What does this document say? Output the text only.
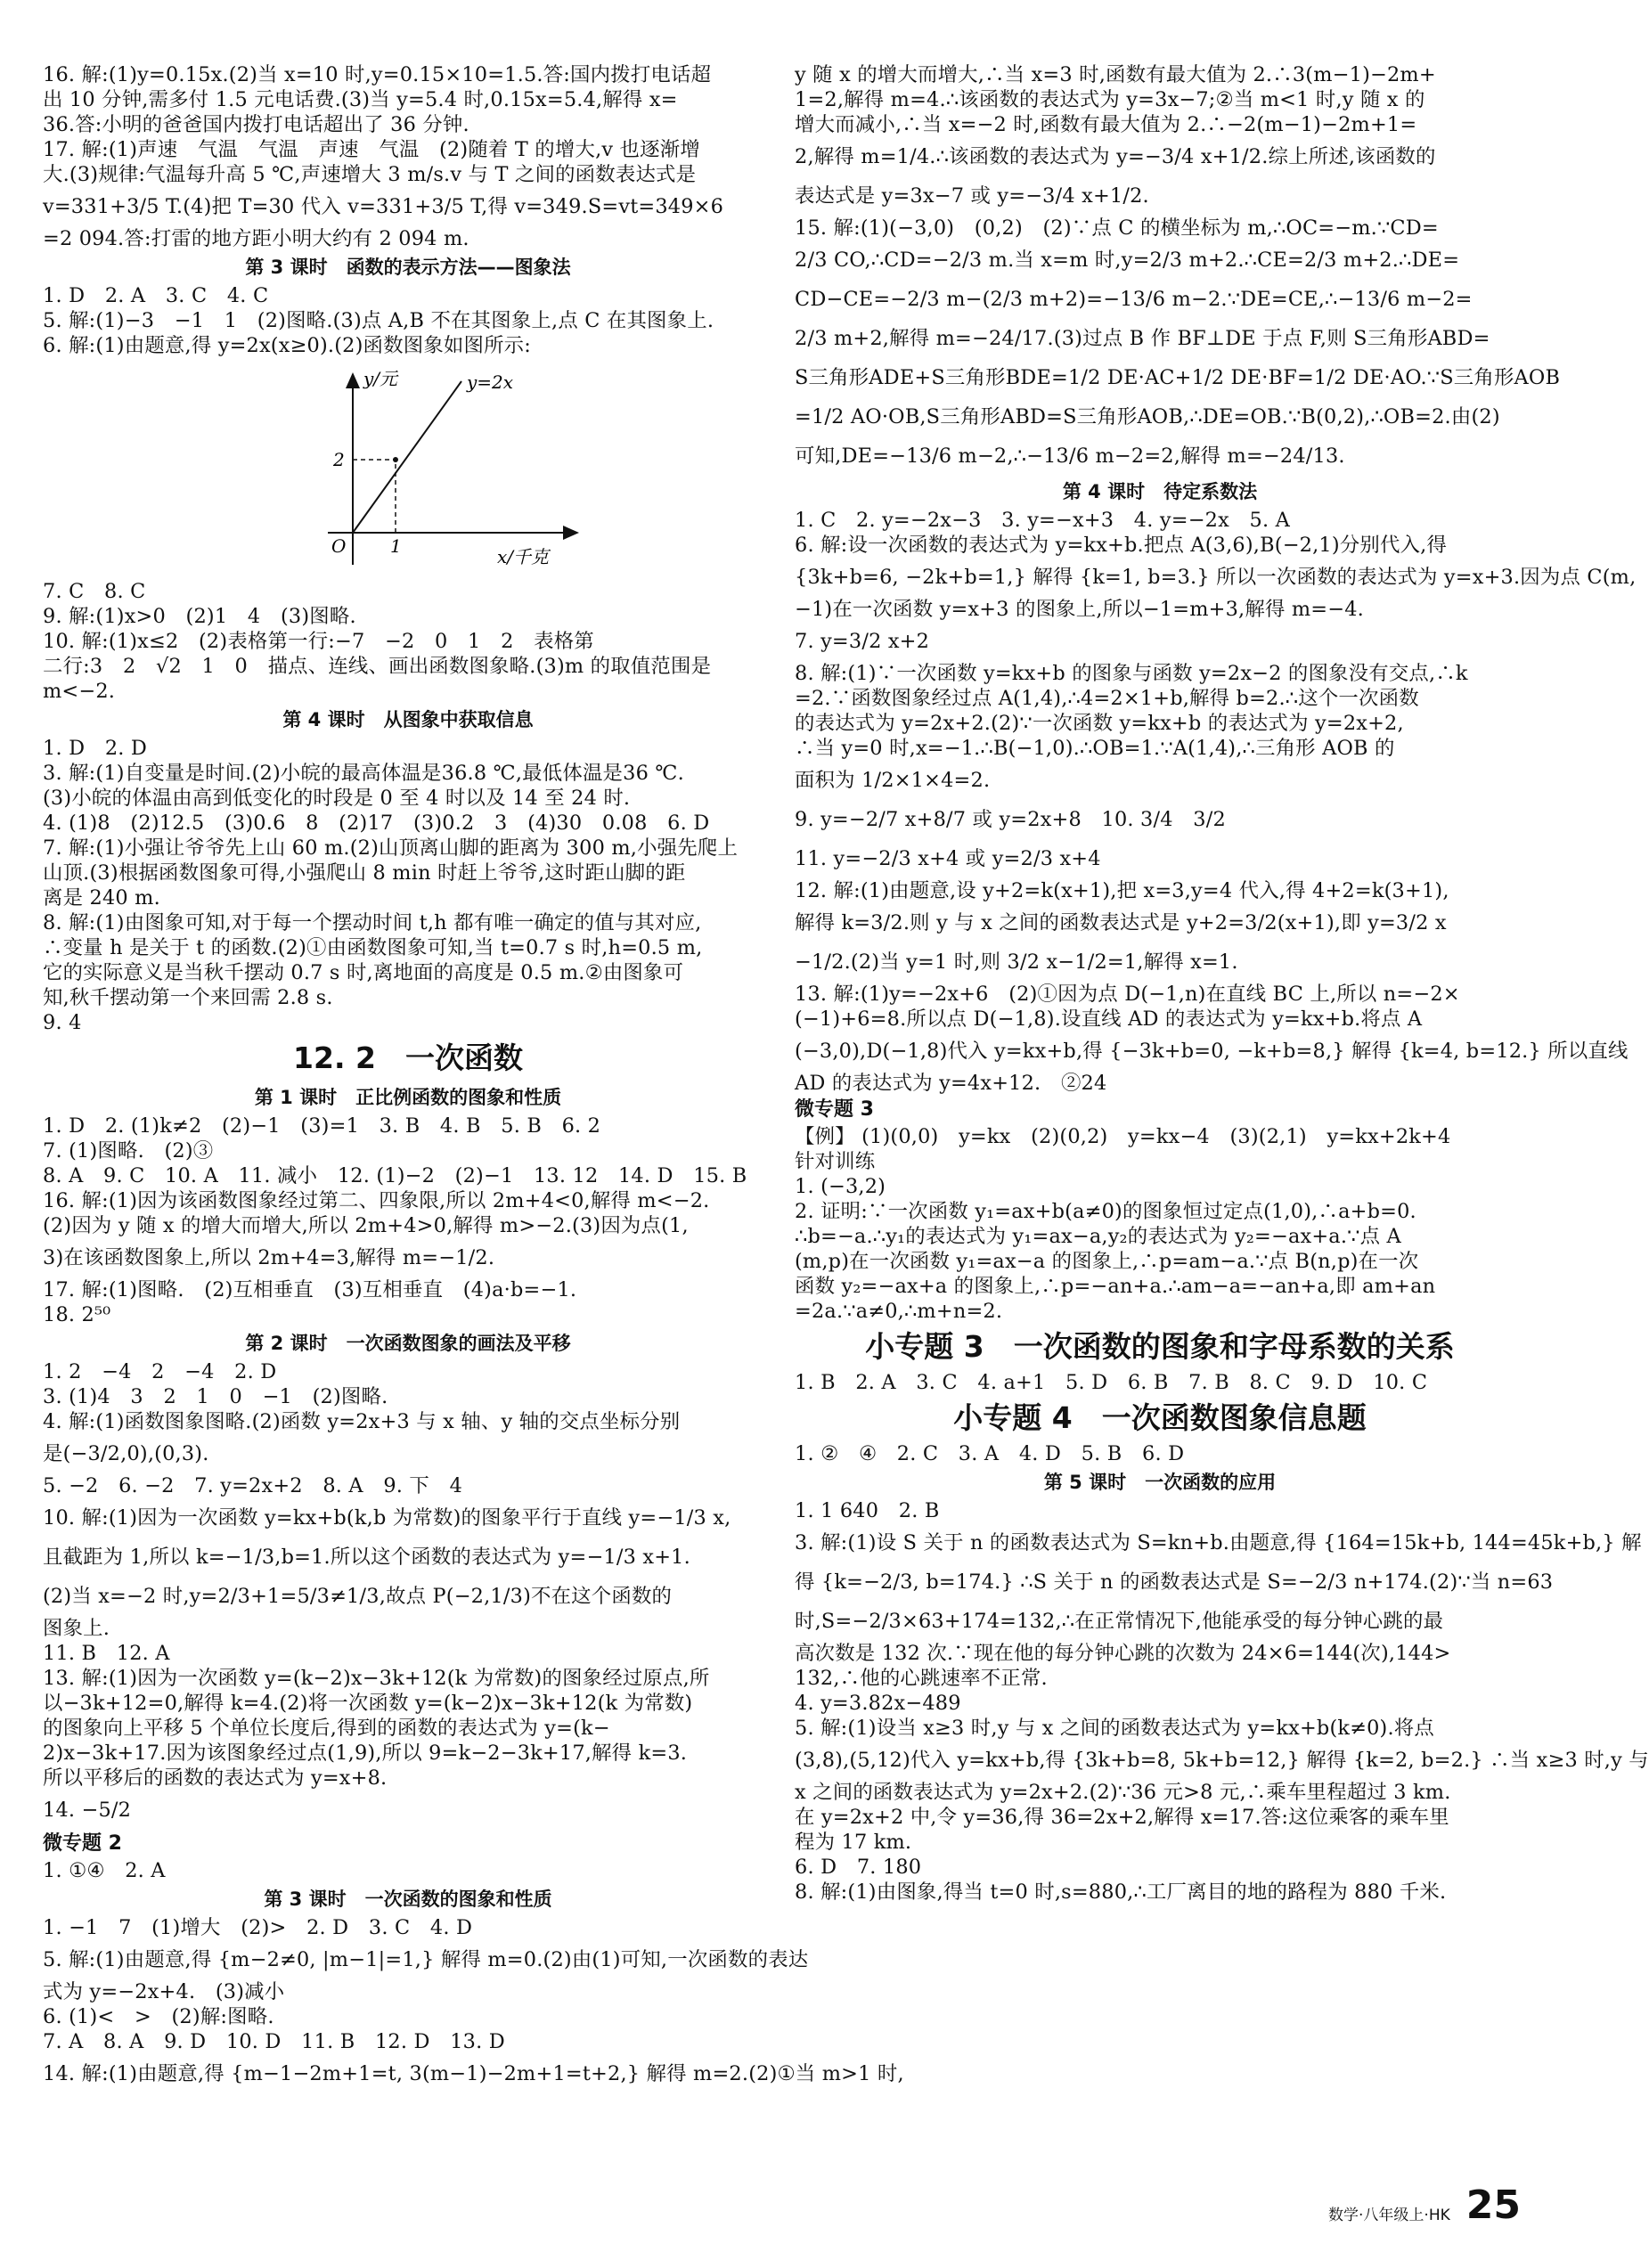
16. 解:(1)y=0.15x.(2)当 x=10 时,y=0.15×10=1.5.答:国内拨打电话超

出 10 分钟,需多付 1.5 元电话费.(3)当 y=5.4 时,0.15x=5.4,解得 x=

36.答:小明的爸爸国内拨打电话超出了 36 分钟.

17. 解:(1)声速　气温　气温　声速　气温　(2)随着 T 的增大,v 也逐渐增

大.(3)规律:气温每升高 5 ℃,声速增大 3 m/s.v 与 T 之间的函数表达式是

v=331+3/5 T.(4)把 T=30 代入 v=331+3/5 T,得 v=349.S=vt=349×6

=2 094.答:打雷的地方距小明大约有 2 094 m.

第 3 课时　函数的表示方法——图象法

1. D　2. A　3. C　4. C

5. 解:(1)−3　−1　1　(2)图略.(3)点 A,B 不在其图象上,点 C 在其图象上.

6. 解:(1)由题意,得 y=2x(x≥0).(2)函数图象如图所示:

y/元	y=2x
2
O 1	x/千克

7. C　8. C

9. 解:(1)x>0　(2)1　4　(3)图略.

10. 解:(1)x≤2　(2)表格第一行:−7　−2　0　1　2　表格第

二行:3　2　√2　1　0　描点、连线、画出函数图象略.(3)m 的取值范围是

m<−2.

第 4 课时　从图象中获取信息

1. D　2. D

3. 解:(1)自变量是时间.(2)小皖的最高体温是36.8 ℃,最低体温是36 ℃.

(3)小皖的体温由高到低变化的时段是 0 至 4 时以及 14 至 24 时.

4. (1)8　(2)12.5　(3)0.6　8　(2)17　(3)0.2　3　(4)30　0.08　6. D

7. 解:(1)小强让爷爷先上山 60 m.(2)山顶离山脚的距离为 300 m,小强先爬上

山顶.(3)根据函数图象可得,小强爬山 8 min 时赶上爷爷,这时距山脚的距

离是 240 m.

8. 解:(1)由图象可知,对于每一个摆动时间 t,h 都有唯一确定的值与其对应,

∴变量 h 是关于 t 的函数.(2)①由函数图象可知,当 t=0.7 s 时,h=0.5 m,

它的实际意义是当秋千摆动 0.7 s 时,离地面的高度是 0.5 m.②由图象可

知,秋千摆动第一个来回需 2.8 s.

9. 4

12. 2　一次函数

第 1 课时　正比例函数的图象和性质

1. D　2. (1)k≠2　(2)−1　(3)=1　3. B　4. B　5. B　6. 2

7. (1)图略.　(2)③

8. A　9. C　10. A　11. 减小　12. (1)−2　(2)−1　13. 12　14. D　15. B

16. 解:(1)因为该函数图象经过第二、四象限,所以 2m+4<0,解得 m<−2.

(2)因为 y 随 x 的增大而增大,所以 2m+4>0,解得 m>−2.(3)因为点(1,

3)在该函数图象上,所以 2m+4=3,解得 m=−1/2.

17. 解:(1)图略.　(2)互相垂直　(3)互相垂直　(4)a·b=−1.

18. 2⁵⁰

第 2 课时　一次函数图象的画法及平移

1. 2　−4　2　−4　2. D

3. (1)4　3　2　1　0　−1　(2)图略.

4. 解:(1)函数图象图略.(2)函数 y=2x+3 与 x 轴、y 轴的交点坐标分别

是(−3/2,0),(0,3).

5. −2　6. −2　7. y=2x+2　8. A　9. 下　4

10. 解:(1)因为一次函数 y=kx+b(k,b 为常数)的图象平行于直线 y=−1/3 x,

且截距为 1,所以 k=−1/3,b=1.所以这个函数的表达式为 y=−1/3 x+1.

(2)当 x=−2 时,y=2/3+1=5/3≠1/3,故点 P(−2,1/3)不在这个函数的

图象上.

11. B　12. A

13. 解:(1)因为一次函数 y=(k−2)x−3k+12(k 为常数)的图象经过原点,所

以−3k+12=0,解得 k=4.(2)将一次函数 y=(k−2)x−3k+12(k 为常数)

的图象向上平移 5 个单位长度后,得到的函数的表达式为 y=(k−

2)x−3k+17.因为该图象经过点(1,9),所以 9=k−2−3k+17,解得 k=3.

所以平移后的函数的表达式为 y=x+8.

14. −5/2

微专题 2

1. ①④　2. A

第 3 课时　一次函数的图象和性质

1. −1　7　(1)增大　(2)>　2. D　3. C　4. D

5. 解:(1)由题意,得 {m−2≠0, |m−1|=1,} 解得 m=0.(2)由(1)可知,一次函数的表达

式为 y=−2x+4.　(3)减小

6. (1)<　>　(2)解:图略.

7. A　8. A　9. D　10. D　11. B　12. D　13. D

14. 解:(1)由题意,得 {m−1−2m+1=t, 3(m−1)−2m+1=t+2,} 解得 m=2.(2)①当 m>1 时,

y 随 x 的增大而增大,∴当 x=3 时,函数有最大值为 2.∴3(m−1)−2m+

1=2,解得 m=4.∴该函数的表达式为 y=3x−7;②当 m<1 时,y 随 x 的

增大而减小,∴当 x=−2 时,函数有最大值为 2.∴−2(m−1)−2m+1=

2,解得 m=1/4.∴该函数的表达式为 y=−3/4 x+1/2.综上所述,该函数的

表达式是 y=3x−7 或 y=−3/4 x+1/2.

15. 解:(1)(−3,0)　(0,2)　(2)∵点 C 的横坐标为 m,∴OC=−m.∵CD=

2/3 CO,∴CD=−2/3 m.当 x=m 时,y=2/3 m+2.∴CE=2/3 m+2.∴DE=

CD−CE=−2/3 m−(2/3 m+2)=−13/6 m−2.∵DE=CE,∴−13/6 m−2=

2/3 m+2,解得 m=−24/17.(3)过点 B 作 BF⊥DE 于点 F,则 S三角形ABD=

S三角形ADE+S三角形BDE=1/2 DE·AC+1/2 DE·BF=1/2 DE·AO.∵S三角形AOB

=1/2 AO·OB,S三角形ABD=S三角形AOB,∴DE=OB.∵B(0,2),∴OB=2.由(2)

可知,DE=−13/6 m−2,∴−13/6 m−2=2,解得 m=−24/13.

第 4 课时　待定系数法

1. C　2. y=−2x−3　3. y=−x+3　4. y=−2x　5. A

6. 解:设一次函数的表达式为 y=kx+b.把点 A(3,6),B(−2,1)分别代入,得

{3k+b=6, −2k+b=1,} 解得 {k=1, b=3.} 所以一次函数的表达式为 y=x+3.因为点 C(m,

−1)在一次函数 y=x+3 的图象上,所以−1=m+3,解得 m=−4.

7. y=3/2 x+2

8. 解:(1)∵一次函数 y=kx+b 的图象与函数 y=2x−2 的图象没有交点,∴k

=2.∵函数图象经过点 A(1,4),∴4=2×1+b,解得 b=2.∴这个一次函数

的表达式为 y=2x+2.(2)∵一次函数 y=kx+b 的表达式为 y=2x+2,

∴当 y=0 时,x=−1.∴B(−1,0).∴OB=1.∵A(1,4),∴三角形 AOB 的

面积为 1/2×1×4=2.

9. y=−2/7 x+8/7 或 y=2x+8　10. 3/4　3/2

11. y=−2/3 x+4 或 y=2/3 x+4

12. 解:(1)由题意,设 y+2=k(x+1),把 x=3,y=4 代入,得 4+2=k(3+1),

解得 k=3/2.则 y 与 x 之间的函数表达式是 y+2=3/2(x+1),即 y=3/2 x

−1/2.(2)当 y=1 时,则 3/2 x−1/2=1,解得 x=1.

13. 解:(1)y=−2x+6　(2)①因为点 D(−1,n)在直线 BC 上,所以 n=−2×

(−1)+6=8.所以点 D(−1,8).设直线 AD 的表达式为 y=kx+b.将点 A

(−3,0),D(−1,8)代入 y=kx+b,得 {−3k+b=0, −k+b=8,} 解得 {k=4, b=12.} 所以直线

AD 的表达式为 y=4x+12.　②24

微专题 3

【例】 (1)(0,0)　y=kx　(2)(0,2)　y=kx−4　(3)(2,1)　y=kx+2k+4

针对训练

1. (−3,2)

2. 证明:∵一次函数 y₁=ax+b(a≠0)的图象恒过定点(1,0),∴a+b=0.

∴b=−a.∴y₁的表达式为 y₁=ax−a,y₂的表达式为 y₂=−ax+a.∵点 A

(m,p)在一次函数 y₁=ax−a 的图象上,∴p=am−a.∵点 B(n,p)在一次

函数 y₂=−ax+a 的图象上,∴p=−an+a.∴am−a=−an+a,即 am+an

=2a.∵a≠0,∴m+n=2.

小专题 3　一次函数的图象和字母系数的关系

1. B　2. A　3. C　4. a+1　5. D　6. B　7. B　8. C　9. D　10. C

小专题 4　一次函数图象信息题

1. ②　④　2. C　3. A　4. D　5. B　6. D

第 5 课时　一次函数的应用

1. 1 640　2. B

3. 解:(1)设 S 关于 n 的函数表达式为 S=kn+b.由题意,得 {164=15k+b, 144=45k+b,} 解

得 {k=−2/3, b=174.} ∴S 关于 n 的函数表达式是 S=−2/3 n+174.(2)∵当 n=63

时,S=−2/3×63+174=132,∴在正常情况下,他能承受的每分钟心跳的最

高次数是 132 次.∵现在他的每分钟心跳的次数为 24×6=144(次),144>

132,∴他的心跳速率不正常.

4. y=3.82x−489

5. 解:(1)设当 x≥3 时,y 与 x 之间的函数表达式为 y=kx+b(k≠0).将点

(3,8),(5,12)代入 y=kx+b,得 {3k+b=8, 5k+b=12,} 解得 {k=2, b=2.} ∴当 x≥3 时,y 与

x 之间的函数表达式为 y=2x+2.(2)∵36 元>8 元,∴乘车里程超过 3 km.

在 y=2x+2 中,令 y=36,得 36=2x+2,解得 x=17.答:这位乘客的乘车里

程为 17 km.

6. D　7. 180

8. 解:(1)由图象,得当 t=0 时,s=880,∴工厂离目的地的路程为 880 千米.

数学·八年级上·HK 25
